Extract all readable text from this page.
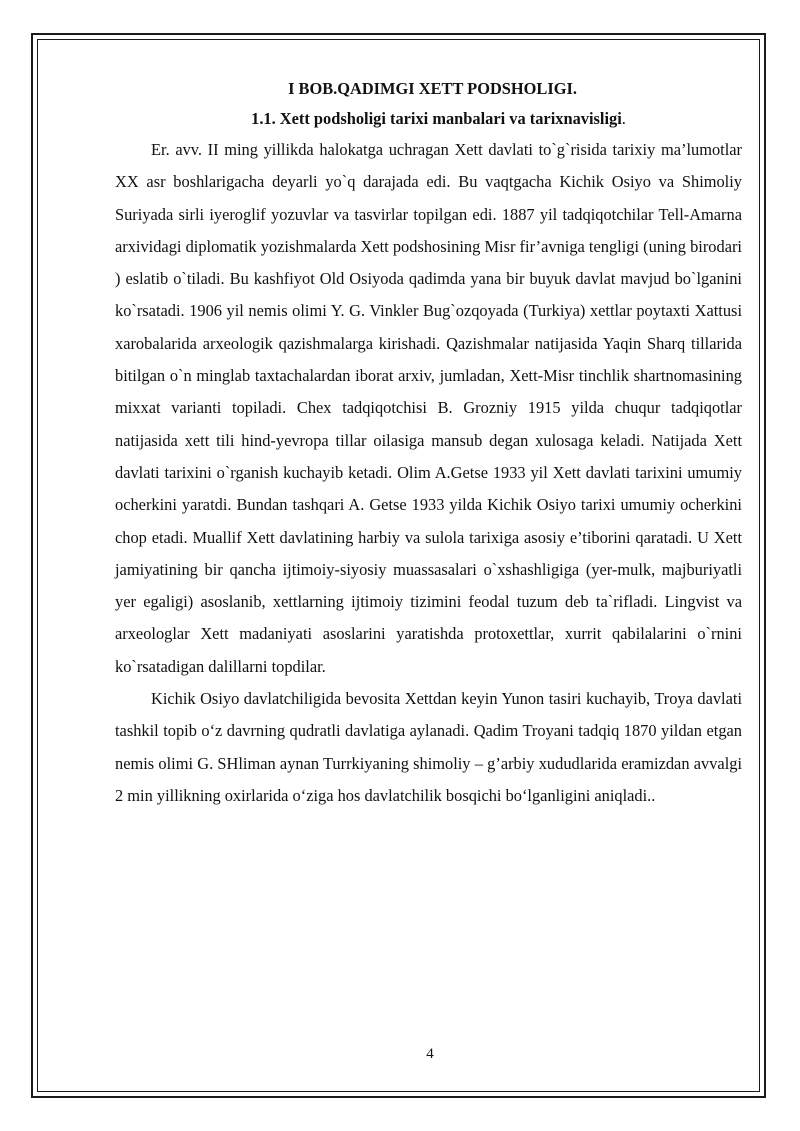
I BOB.QADIMGI XETT PODSHOLIGI.

1.1. Xett podsholigi tarixi manbalari va tarixnavisligi.

Er. avv. II ming yillikda halokatga uchragan Xett davlati to`g`risida tarixiy ma’lumotlar XX asr boshlarigacha deyarli yo`q darajada edi. Bu vaqtgacha Kichik Osiyo va Shimoliy Suriyada sirli iyeroglif yozuvlar va tasvirlar topilgan edi. 1887 yil tadqiqotchilar Tell-Amarna arxividagi diplomatik yozishmalarda Xett podshosining Misr fir’avniga tengligi (uning birodari ) eslatib o`tiladi. Bu kashfiyot Old Osiyoda qadimda yana bir buyuk davlat mavjud bo`lganini ko`rsatadi. 1906 yil nemis olimi Y. G. Vinkler Bug`ozqoyada (Turkiya) xettlar poytaxti Xattusi xarobalarida arxeologik qazishmalarga kirishadi. Qazishmalar natijasida Yaqin Sharq tillarida bitilgan o`n minglab taxtachalardan iborat arxiv, jumladan, Xett-Misr tinchlik shartnomasining mixxat varianti topiladi. Chex tadqiqotchisi B. Grozniy 1915 yilda chuqur tadqiqotlar natijasida xett tili hind-yevropa tillar oilasiga mansub degan xulosaga keladi. Natijada Xett davlati tarixini o`rganish kuchayib ketadi. Olim A.Getse 1933 yil Xett davlati tarixini umumiy ocherkini yaratdi. Bundan tashqari A. Getse 1933 yilda Kichik Osiyo tarixi umumiy ocherkini chop etadi. Muallif Xett davlatining harbiy va sulola tarixiga asosiy e’tiborini qaratadi. U Xett jamiyatining bir qancha ijtimoiy-siyosiy muassasalari o`xshashligiga (yer-mulk, majburiyatli yer egaligi) asoslanib, xettlarning ijtimoiy tizimini feodal tuzum deb ta`rifladi. Lingvist va arxeologlar Xett madaniyati asoslarini yaratishda protoxettlar, xurrit qabilalarini o`rnini ko`rsatadigan dalillarni topdilar.

Kichik Osiyo davlatchiligida bevosita Xettdan keyin Yunon tasiri kuchayib, Troya davlati tashkil topib o‘z davrning qudratli davlatiga aylanadi. Qadim Troyani tadqiq 1870 yildan etgan nemis olimi G. SHliman aynan Turrkiyaning shimoliy – g’arbiy xududlarida eramizdan avvalgi 2 min yillikning oxirlarida o‘ziga hos davlatchilik bosqichi bo‘lganligini aniqladi..

4
